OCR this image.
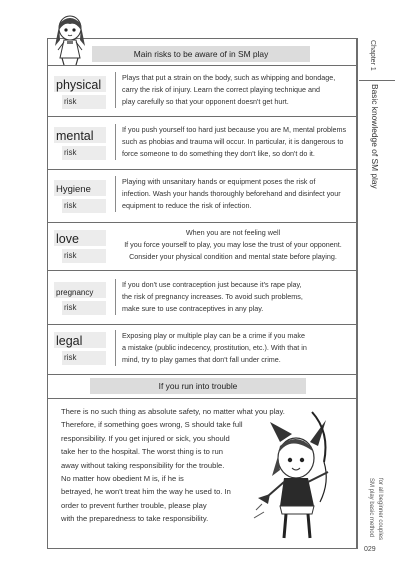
Main risks to be aware of in SM play
physical
risk
Plays that put a strain on the body, such as whipping and bondage,
carry the risk of injury. Learn the correct playing technique and
play carefully so that your opponent doesn't get hurt.
mental
risk
If you push yourself too hard just because you are M, mental problems
such as phobias and trauma will occur. In particular, it is dangerous to
force someone to do something they don't like, so don't do it.
Hygiene
risk
Playing with unsanitary hands or equipment poses the risk of
infection. Wash your hands thoroughly beforehand and disinfect your
equipment to reduce the risk of infection.
love
risk
When you are not feeling well
If you force yourself to play, you may lose the trust of your opponent.
Consider your physical condition and mental state before playing.
pregnancy
risk
If you don't use contraception just because it's rape play,
the risk of pregnancy increases. To avoid such problems,
make sure to use contraceptives in any play.
legal
risk
Exposing play or multiple play can be a crime if you make
a mistake (public indecency, prostitution, etc.). With that in
mind, try to play games that don't fall under crime.
If you run into trouble
There is no such thing as absolute safety, no matter what you play.
Therefore, if something goes wrong, S should take full
responsibility. If you get injured or sick, you should
take her to the hospital. The worst thing is to run
away without taking responsibility for the trouble.
No matter how obedient M is, if he is
betrayed, he won't treat him the way he used to. In
order to prevent further trouble, please play
with the preparedness to take responsibility.
Chapter 1
Basic knowledge of SM play
SM play basic method for all beginner couples
029
